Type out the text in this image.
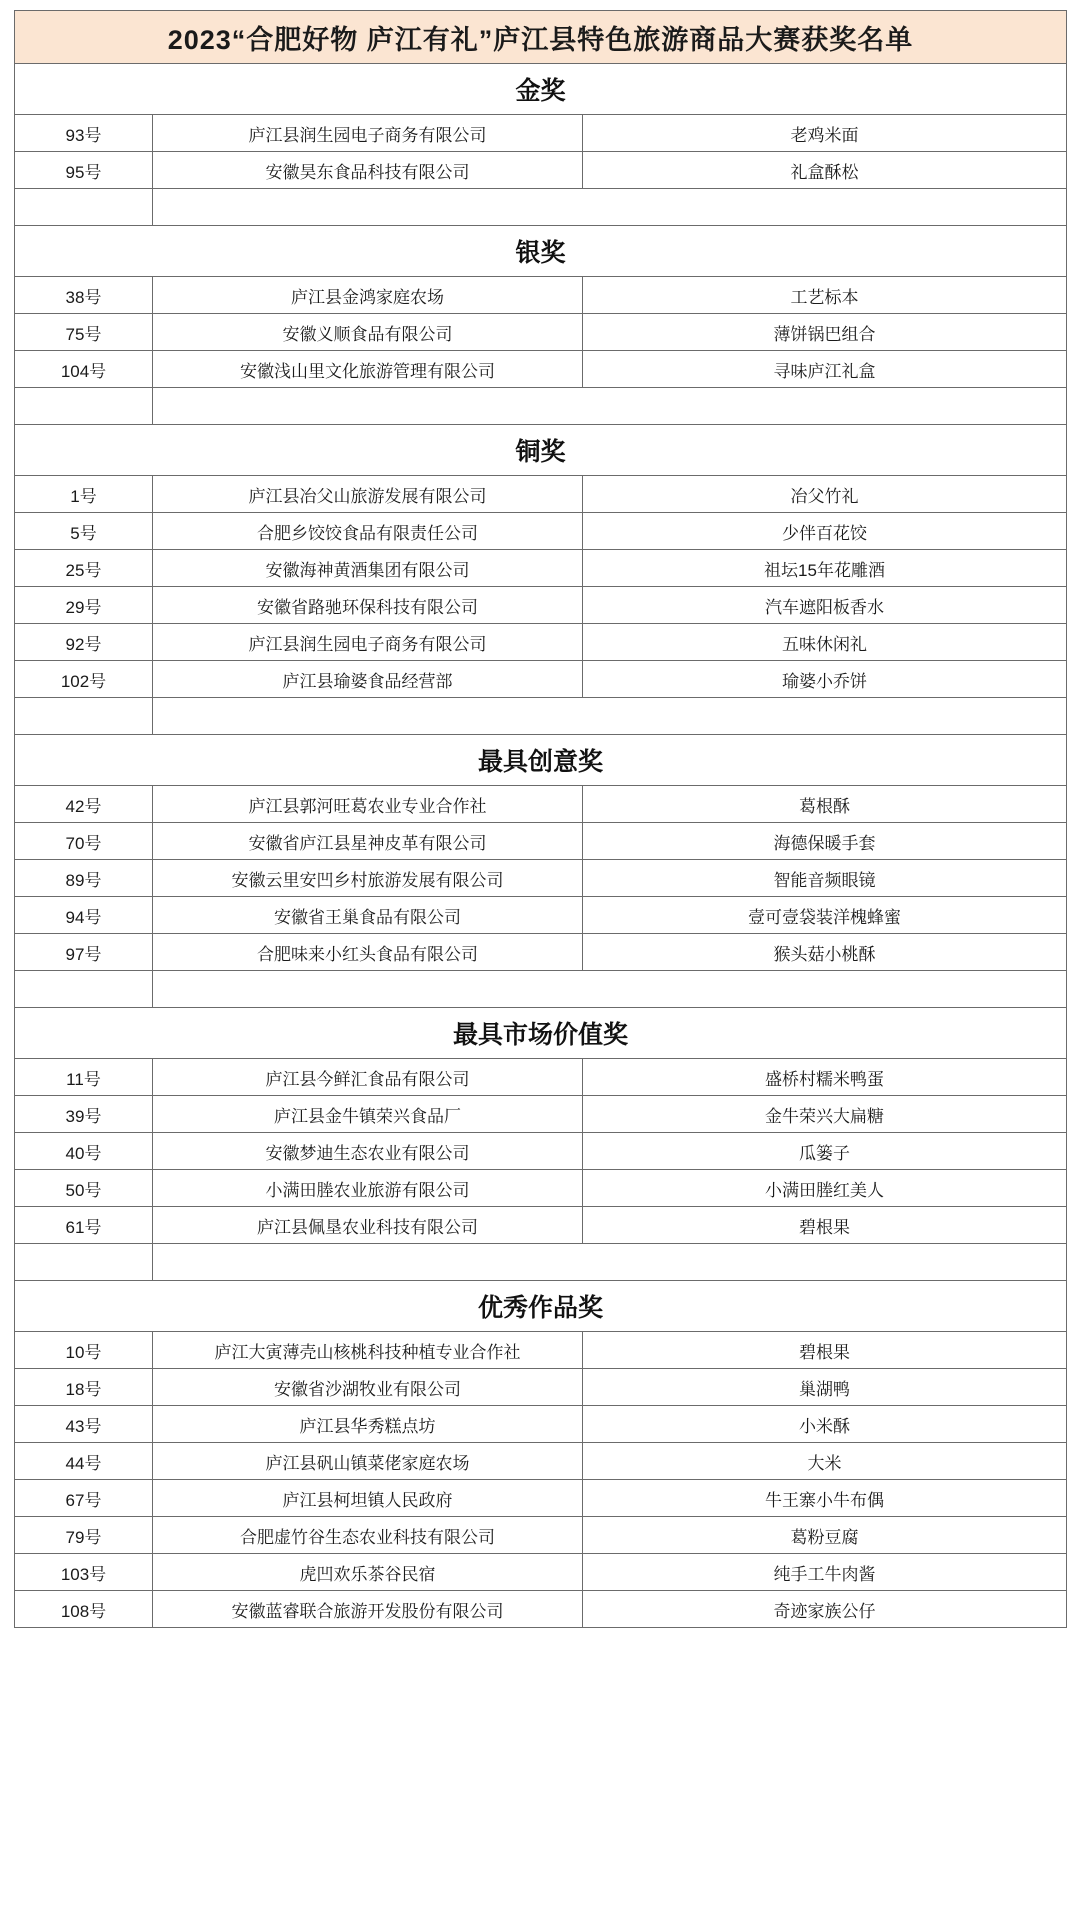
2023“合肥好物 庐江有礼”庐江县特色旅游商品大赛获奖名单		
金奖		
93号	庐江县润生园电子商务有限公司	老鸡米面
95号	安徽昊东食品科技有限公司	礼盒酥松

银奖		
38号	庐江县金鸿家庭农场	工艺标本
75号	安徽义顺食品有限公司	薄饼锅巴组合
104号	安徽浅山里文化旅游管理有限公司	寻味庐江礼盒

铜奖		
1号	庐江县冶父山旅游发展有限公司	冶父竹礼
5号	合肥乡饺饺食品有限责任公司	少伴百花饺
25号	安徽海神黄酒集团有限公司	祖坛15年花雕酒
29号	安徽省路驰环保科技有限公司	汽车遮阳板香水
92号	庐江县润生园电子商务有限公司	五味休闲礼
102号	庐江县瑜婆食品经营部	瑜婆小乔饼

最具创意奖		
42号	庐江县郭河旺葛农业专业合作社	葛根酥
70号	安徽省庐江县星神皮革有限公司	海德保暖手套
89号	安徽云里安凹乡村旅游发展有限公司	智能音频眼镜
94号	安徽省王巢食品有限公司	壹可壹袋装洋槐蜂蜜
97号	合肥味来小红头食品有限公司	猴头菇小桃酥

最具市场价值奖		
11号	庐江县今鲜汇食品有限公司	盛桥村糯米鸭蛋
39号	庐江县金牛镇荣兴食品厂	金牛荣兴大扁糖
40号	安徽梦迪生态农业有限公司	瓜篓子
50号	小满田塍农业旅游有限公司	小满田塍红美人
61号	庐江县佩垦农业科技有限公司	碧根果

优秀作品奖		
10号	庐江大寅薄壳山核桃科技种植专业合作社	碧根果
18号	安徽省沙湖牧业有限公司	巢湖鸭
43号	庐江县华秀糕点坊	小米酥
44号	庐江县矾山镇菜佬家庭农场	大米
67号	庐江县柯坦镇人民政府	牛王寨小牛布偶
79号	合肥虚竹谷生态农业科技有限公司	葛粉豆腐
103号	虎凹欢乐茶谷民宿	纯手工牛肉酱
108号	安徽蓝睿联合旅游开发股份有限公司	奇迹家族公仔
